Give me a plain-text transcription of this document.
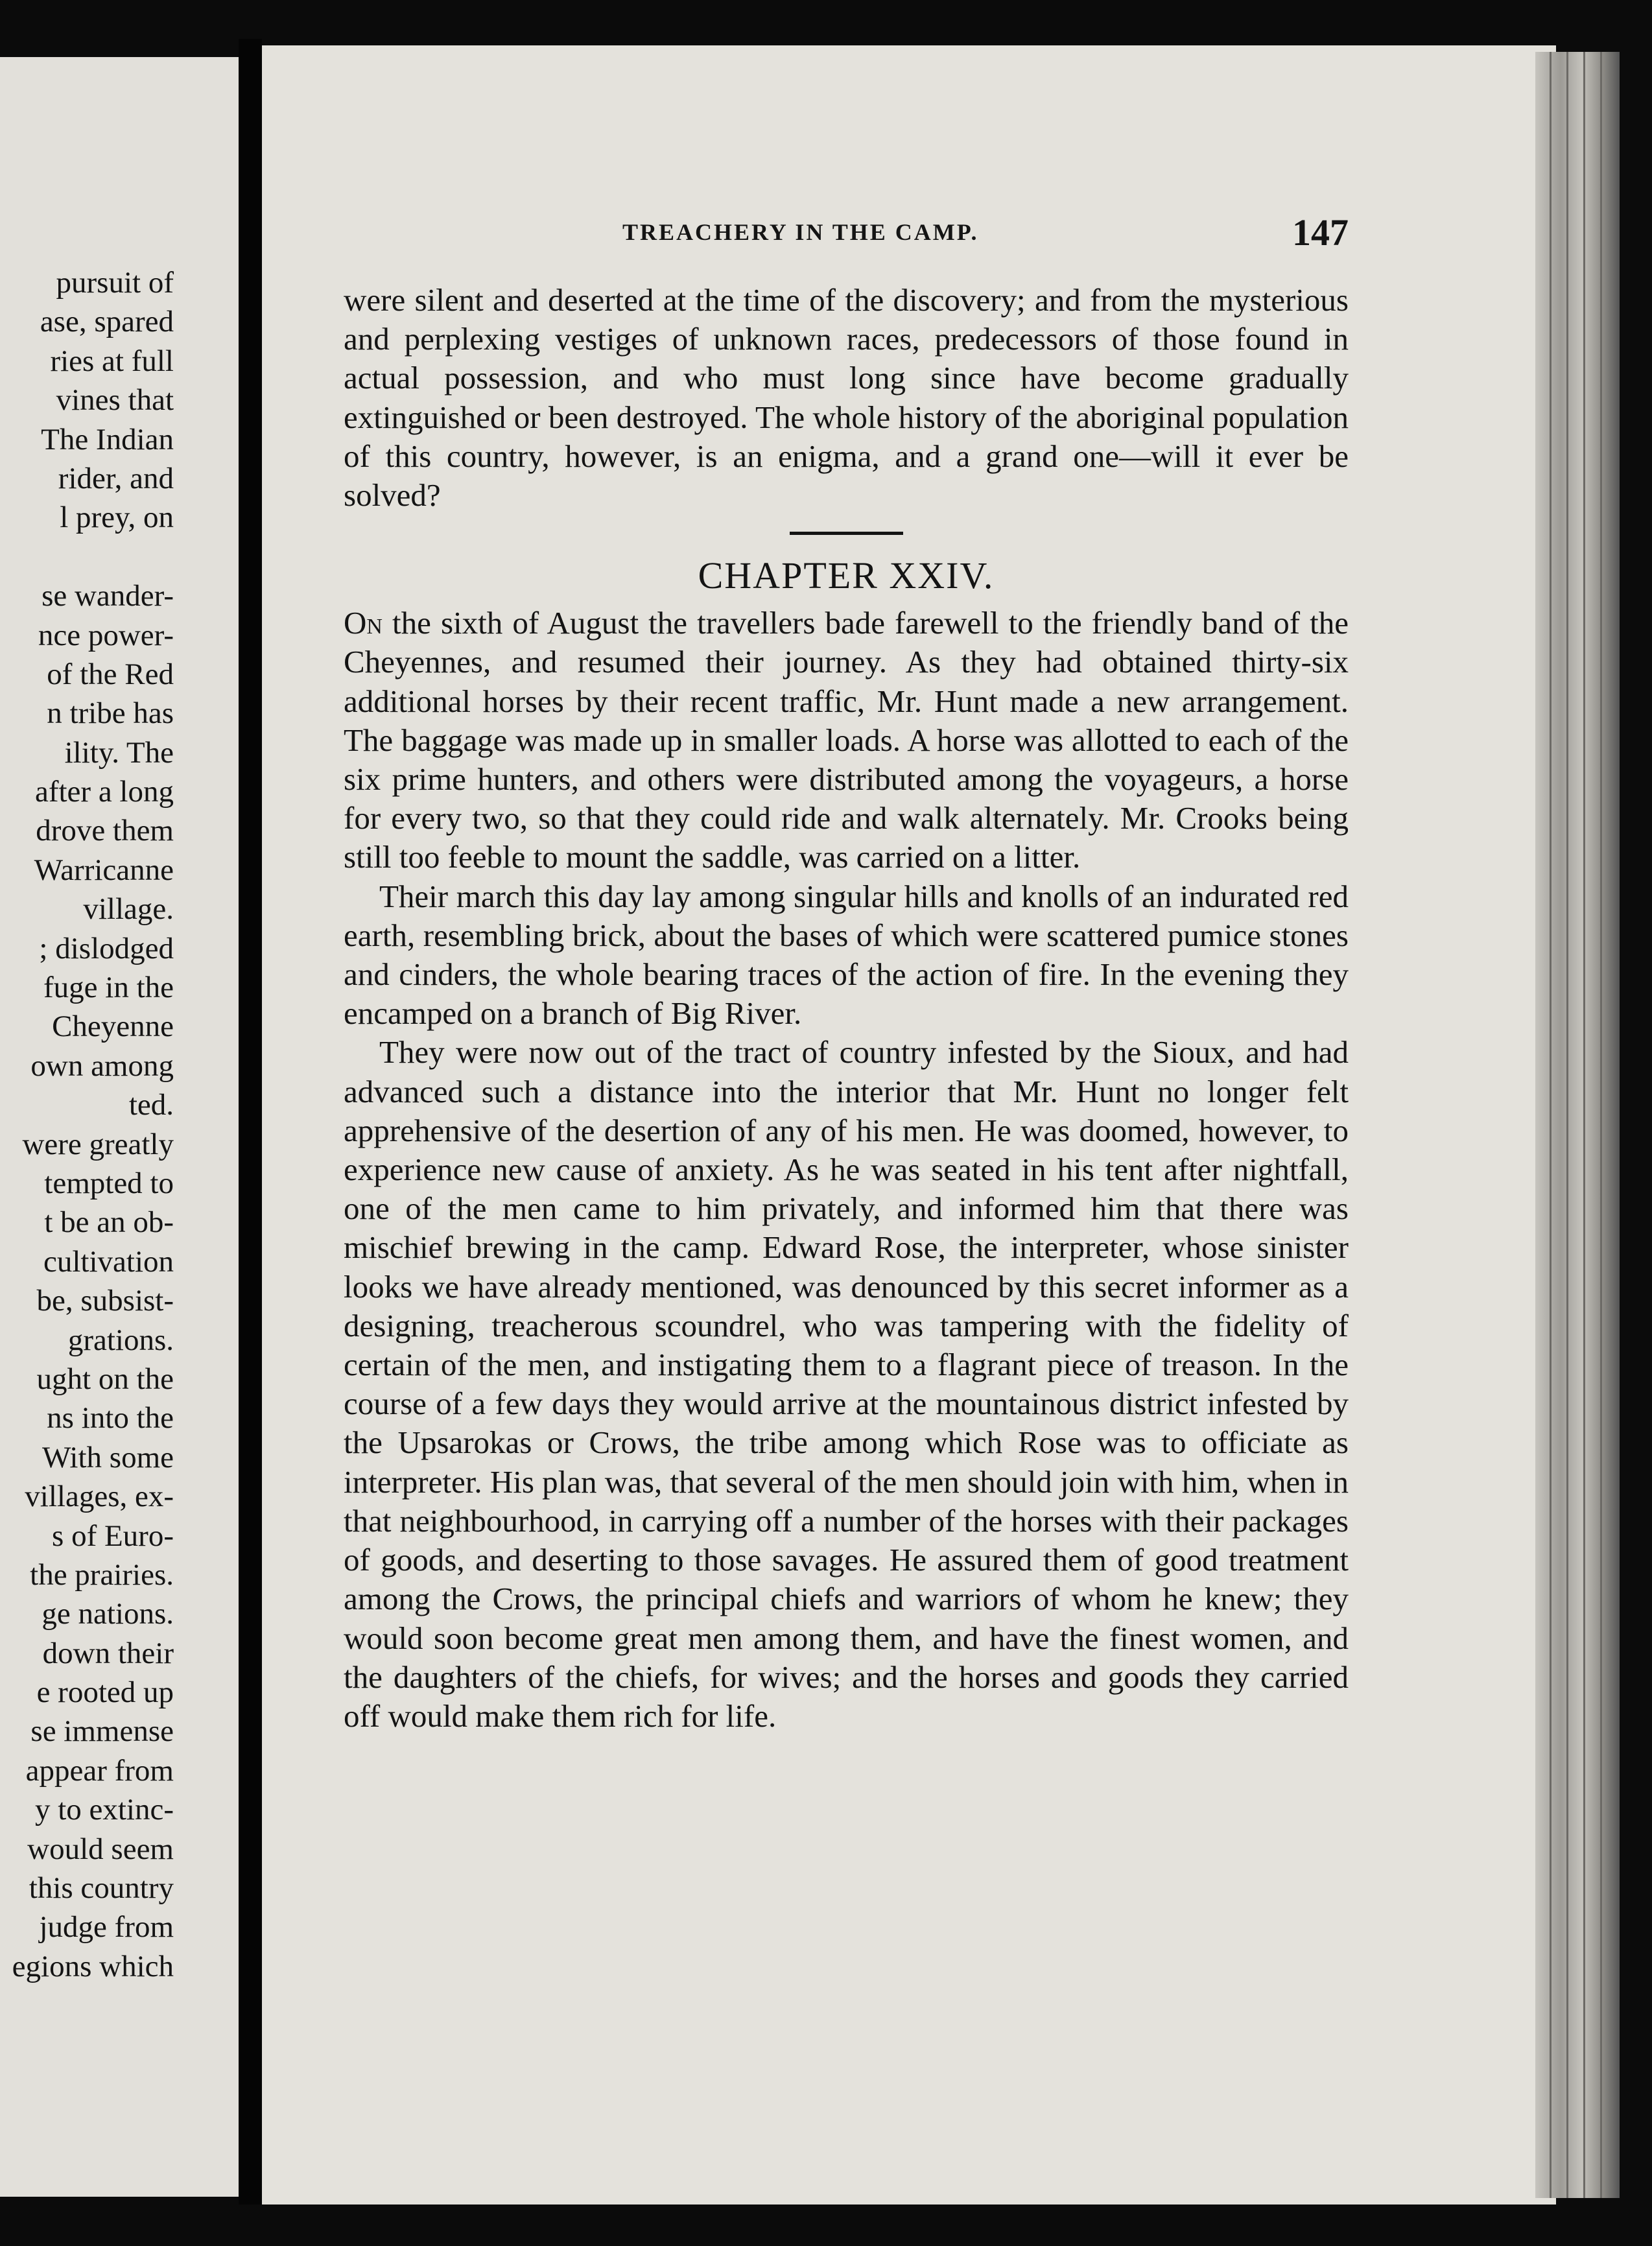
pursuit of
ase, spared
ries at full
vines that
The Indian
rider, and
l prey, on
se wander-
nce power-
of the Red
n tribe has
ility. The
after a long
drove them
Warricanne
village.
; dislodged
fuge in the
Cheyenne
own among
ted.
were greatly
tempted to
t be an ob-
cultivation
be, subsist-
grations.
ught on the
ns into the
With some
villages, ex-
s of Euro-
the prairies.
ge nations.
down their
e rooted up
se immense
appear from
y to extinc-
would seem
this country
judge from
egions which
TREACHERY IN THE CAMP.	147

were silent and deserted at the time of the discovery; and from the mysterious and perplexing vestiges of unknown races, predecessors of those found in actual possession, and who must long since have become gradually extinguished or been destroyed. The whole history of the aboriginal population of this country, however, is an enigma, and a grand one—will it ever be solved?

CHAPTER XXIV.

On the sixth of August the travellers bade farewell to the friendly band of the Cheyennes, and resumed their journey. As they had obtained thirty-six additional horses by their recent traffic, Mr. Hunt made a new arrangement. The baggage was made up in smaller loads. A horse was allotted to each of the six prime hunters, and others were distributed among the voyageurs, a horse for every two, so that they could ride and walk alternately. Mr. Crooks being still too feeble to mount the saddle, was carried on a litter.

Their march this day lay among singular hills and knolls of an indurated red earth, resembling brick, about the bases of which were scattered pumice stones and cinders, the whole bearing traces of the action of fire. In the evening they encamped on a branch of Big River.

They were now out of the tract of country infested by the Sioux, and had advanced such a distance into the interior that Mr. Hunt no longer felt apprehensive of the desertion of any of his men. He was doomed, however, to experience new cause of anxiety. As he was seated in his tent after nightfall, one of the men came to him privately, and informed him that there was mischief brewing in the camp. Edward Rose, the interpreter, whose sinister looks we have already mentioned, was denounced by this secret informer as a designing, treacherous scoundrel, who was tampering with the fidelity of certain of the men, and instigating them to a flagrant piece of treason. In the course of a few days they would arrive at the mountainous district infested by the Upsarokas or Crows, the tribe among which Rose was to officiate as interpreter. His plan was, that several of the men should join with him, when in that neighbourhood, in carrying off a number of the horses with their packages of goods, and deserting to those savages. He assured them of good treatment among the Crows, the principal chiefs and warriors of whom he knew; they would soon become great men among them, and have the finest women, and the daughters of the chiefs, for wives; and the horses and goods they carried off would make them rich for life.
